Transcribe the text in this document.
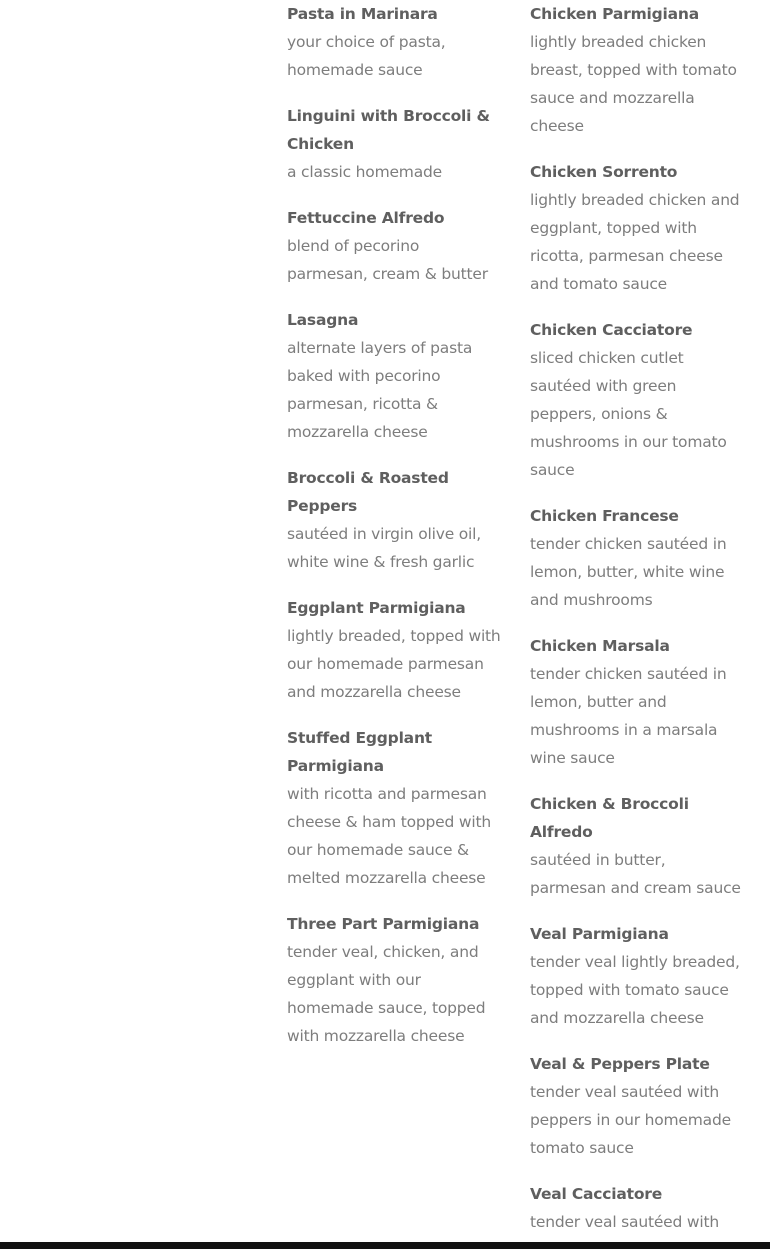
Pasta in Marinara
your choice of pasta, homemade sauce
Linguini with Broccoli & Chicken
a classic homemade
Fettuccine Alfredo
blend of pecorino parmesan, cream & butter
Lasagna
alternate layers of pasta baked with pecorino parmesan, ricotta & mozzarella cheese
Broccoli & Roasted Peppers
sautéed in virgin olive oil, white wine & fresh garlic
Eggplant Parmigiana
lightly breaded, topped with our homemade parmesan and mozzarella cheese
Stuffed Eggplant Parmigiana
with ricotta and parmesan cheese & ham topped with our homemade sauce & melted mozzarella cheese
Three Part Parmigiana
tender veal, chicken, and eggplant with our homemade sauce, topped with mozzarella cheese
Chicken Parmigiana
lightly breaded chicken breast, topped with tomato sauce and mozzarella cheese
Chicken Sorrento
lightly breaded chicken and eggplant, topped with ricotta, parmesan cheese and tomato sauce
Chicken Cacciatore
sliced chicken cutlet sautéed with green peppers, onions & mushrooms in our tomato sauce
Chicken Francese
tender chicken sautéed in lemon, butter, white wine and mushrooms
Chicken Marsala
tender chicken sautéed in lemon, butter and mushrooms in a marsala wine sauce
Chicken & Broccoli Alfredo
sautéed in butter, parmesan and cream sauce
Veal Parmigiana
tender veal lightly breaded, topped with tomato sauce and mozzarella cheese
Veal & Peppers Plate
tender veal sautéed with peppers in our homemade tomato sauce
Veal Cacciatore
tender veal sautéed with
